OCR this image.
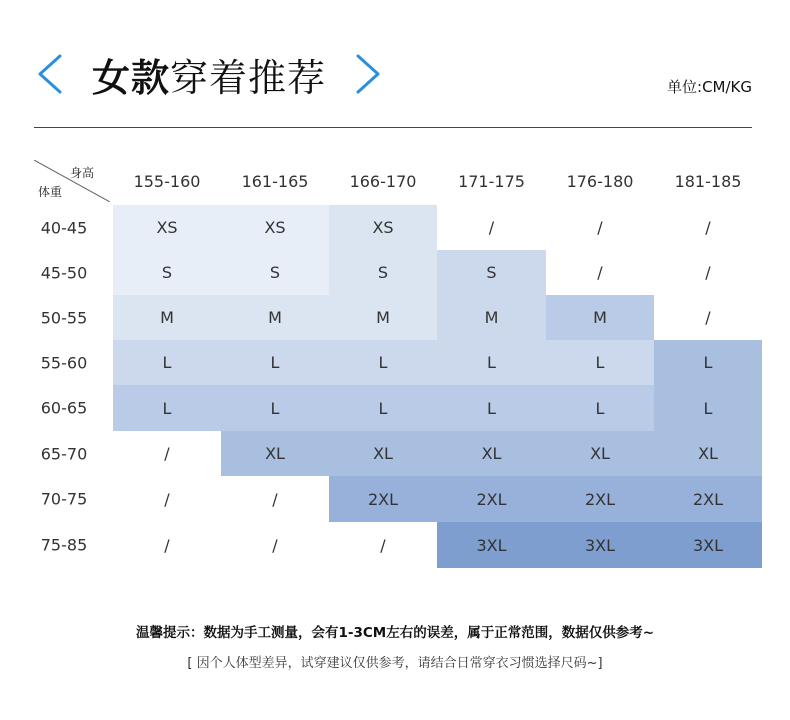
女款穿着推荐	单位:CM/KG
身高
体重
155-160	161-165	166-170	171-175	176-180	181-185
40-45	XS	XS	XS	/	/	/
45-50	S	S	S	S	/	/
50-55	M	M	M	M	M	/
55-60	L	L	L	L	L	L
60-65	L	L	L	L	L	L
65-70	/	XL	XL	XL	XL	XL
70-75	/	/	2XL	2XL	2XL	2XL
75-85	/	/	/	3XL	3XL	3XL
温馨提示：数据为手工测量，会有1-3CM左右的误差，属于正常范围，数据仅供参考~
[ 因个人体型差异，试穿建议仅供参考，请结合日常穿衣习惯选择尺码~]
